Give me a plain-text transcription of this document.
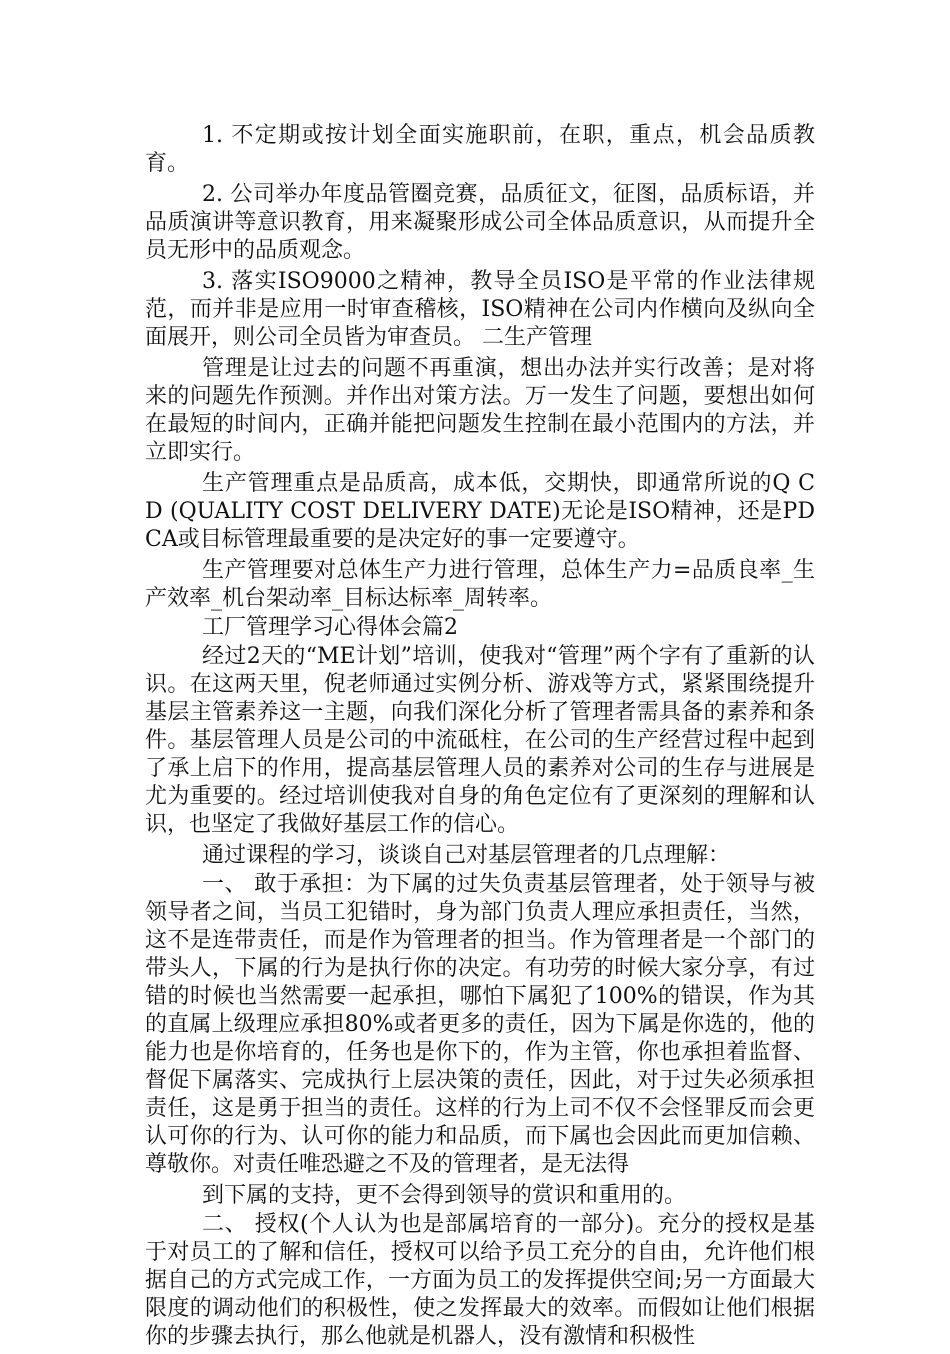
1. 不定期或按计划全面实施职前，在职，重点，机会品质教育。

2. 公司举办年度品管圈竞赛，品质征文，征图，品质标语，并品质演讲等意识教育，用来凝聚形成公司全体品质意识，从而提升全员无形中的品质观念。

3. 落实ISO9000之精神，教导全员ISO是平常的作业法律规范，而并非是应用一时审查稽核，ISO精神在公司内作横向及纵向全面展开，则公司全员皆为审查员。 二生产管理

管理是让过去的问题不再重演，想出办法并实行改善；是对将来的问题先作预测。并作出对策方法。万一发生了问题，要想出如何在最短的时间内，正确并能把问题发生控制在最小范围内的方法，并立即实行。

生产管理重点是品质高，成本低，交期快，即通常所说的Q C D (QUALITY COST DELIVERY DATE)无论是ISO精神，还是PDCA或目标管理最重要的是决定好的事一定要遵守。

生产管理要对总体生产力进行管理，总体生产力=品质良率_生产效率_机台架动率_目标达标率_周转率。

工厂管理学习心得体会篇2

经过2天的“ME计划”培训，使我对“管理”两个字有了重新的认识。在这两天里，倪老师通过实例分析、游戏等方式，紧紧围绕提升基层主管素养这一主题，向我们深化分析了管理者需具备的素养和条件。基层管理人员是公司的中流砥柱，在公司的生产经营过程中起到了承上启下的作用，提高基层管理人员的素养对公司的生存与进展是尤为重要的。经过培训使我对自身的角色定位有了更深刻的理解和认识，也坚定了我做好基层工作的信心。

通过课程的学习，谈谈自己对基层管理者的几点理解：

一、 敢于承担：为下属的过失负责基层管理者，处于领导与被领导者之间，当员工犯错时，身为部门负责人理应承担责任，当然，这不是连带责任，而是作为管理者的担当。作为管理者是一个部门的带头人，下属的行为是执行你的决定。有功劳的时候大家分享，有过错的时候也当然需要一起承担，哪怕下属犯了100%的错误，作为其的直属上级理应承担80%或者更多的责任，因为下属是你选的，他的能力也是你培育的，任务也是你下的，作为主管，你也承担着监督、督促下属落实、完成执行上层决策的责任，因此，对于过失必须承担责任，这是勇于担当的责任。这样的行为上司不仅不会怪罪反而会更认可你的行为、认可你的能力和品质，而下属也会因此而更加信赖、尊敬你。对责任唯恐避之不及的管理者，是无法得

到下属的支持，更不会得到领导的赏识和重用的。

二、 授权(个人认为也是部属培育的一部分)。充分的授权是基于对员工的了解和信任，授权可以给予员工充分的自由，允许他们根据自己的方式完成工作，一方面为员工的发挥提供空间;另一方面最大限度的调动他们的积极性，使之发挥最大的效率。而假如让他们根据你的步骤去执行，那么他就是机器人，没有激情和积极性
